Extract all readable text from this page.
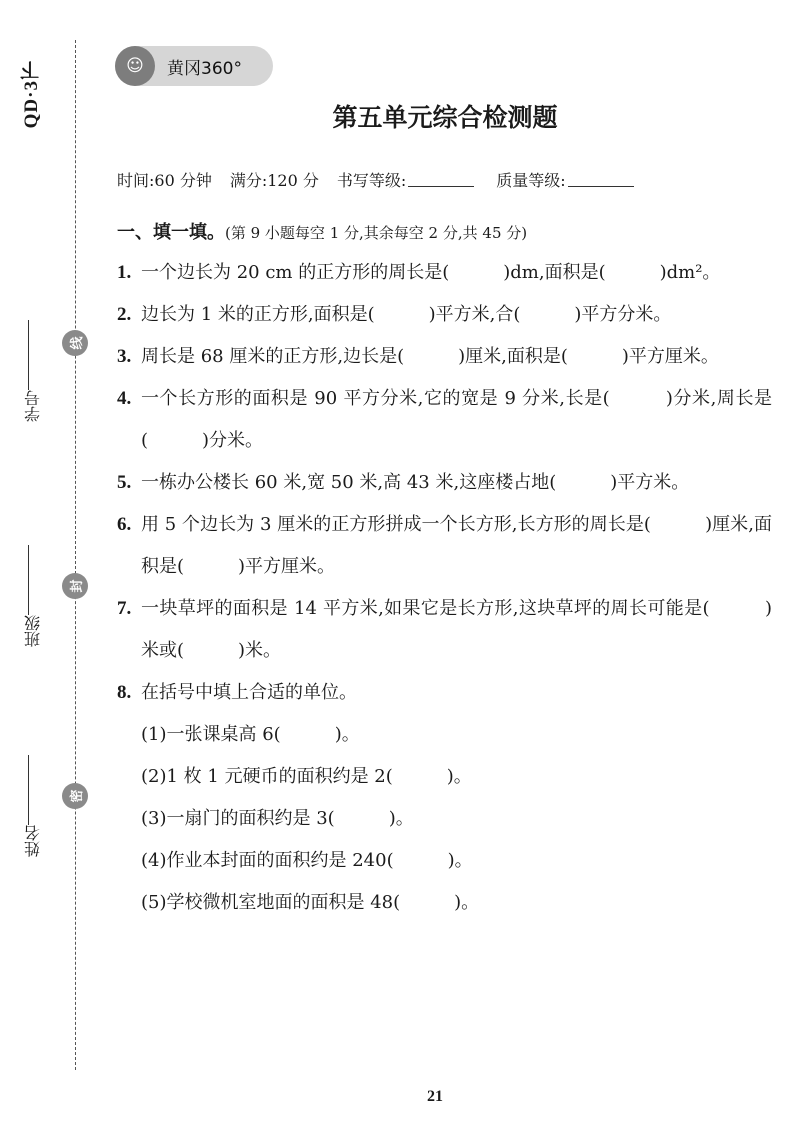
QD·3下
学号
线
班级
封
姓名
密
☺	黄冈360°
第五单元综合检测题
时间:60 分钟 满分:120 分 书写等级:	质量等级:
一、填一填。(第 9 小题每空 1 分,其余每空 2 分,共 45 分)
1. 一个边长为 20 cm 的正方形的周长是(　　　)dm,面积是(　　　)dm²。
2. 边长为 1 米的正方形,面积是(　　　)平方米,合(　　　)平方分米。
3. 周长是 68 厘米的正方形,边长是(　　　)厘米,面积是(　　　)平方厘米。
4. 一个长方形的面积是 90 平方分米,它的宽是 9 分米,长是(　　　)分米,周长是(　　　)分米。
5. 一栋办公楼长 60 米,宽 50 米,高 43 米,这座楼占地(　　　)平方米。
6. 用 5 个边长为 3 厘米的正方形拼成一个长方形,长方形的周长是(　　　)厘米,面积是(　　　)平方厘米。
7. 一块草坪的面积是 14 平方米,如果它是长方形,这块草坪的周长可能是(　　　)米或(　　　)米。
8. 在括号中填上合适的单位。
(1)一张课桌高 6(　　　)。
(2)1 枚 1 元硬币的面积约是 2(　　　)。
(3)一扇门的面积约是 3(　　　)。
(4)作业本封面的面积约是 240(　　　)。
(5)学校微机室地面的面积是 48(　　　)。
21
